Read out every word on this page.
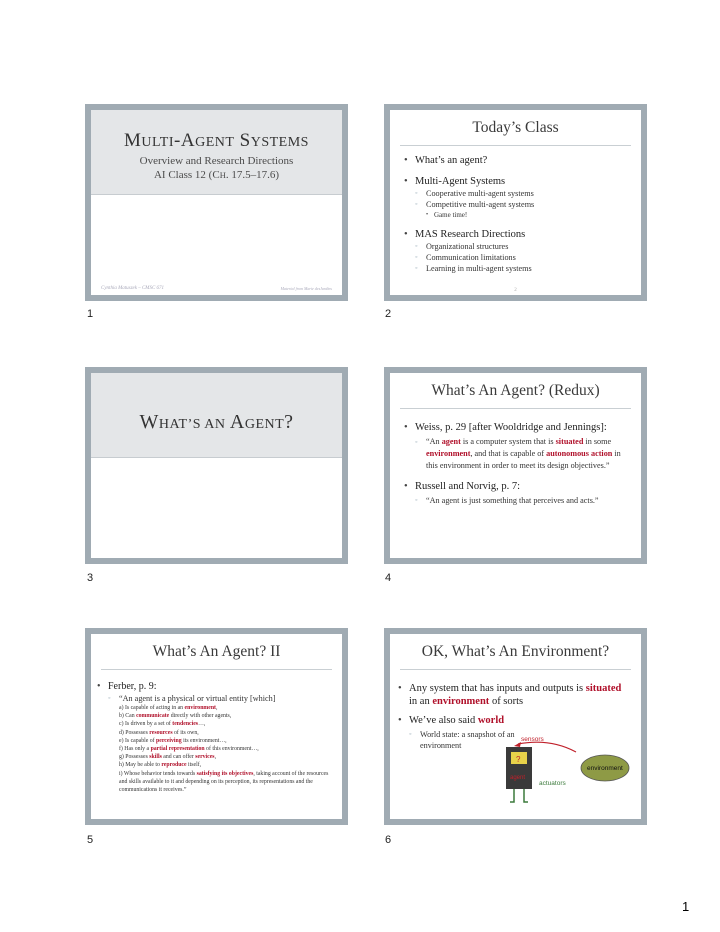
MULTI-AGENT SYSTEMS
Overview and Research Directions
AI Class 12 (CH. 17.5–17.6)
Cynthia Matuszek – CMSC 671	Material from Marie desJardins
1
Today’s Class
• What’s an agent?
• Multi-Agent Systems
◦ Cooperative multi-agent systems
◦ Competitive multi-agent systems
• Game time!
• MAS Research Directions
◦ Organizational structures
◦ Communication limitations
◦ Learning in multi-agent systems
2
2
WHAT’S AN AGENT?
3
What’s An Agent? (Redux)
• Weiss, p. 29 [after Wooldridge and Jennings]:
◦ “An agent is a computer system that is situated in some environment, and that is capable of autonomous action in this environment in order to meet its design objectives.”
• Russell and Norvig, p. 7:
◦ “An agent is just something that perceives and acts.”
4
What’s An Agent? II
• Ferber, p. 9:
◦ “An agent is a physical or virtual entity [which]
a) Is capable of acting in an environment,
b) Can communicate directly with other agents,
c) Is driven by a set of tendencies…,
d) Possesses resources of its own,
e) Is capable of perceiving its environment…,
f) Has only a partial representation of this environment…,
g) Possesses skills and can offer services,
h) May be able to reproduce itself,
i) Whose behavior tends towards satisfying its objectives, taking account of the resources and skills available to it and depending on its perception, its representations and the communications it receives.”
5
OK, What’s An Environment?
• Any system that has inputs and outputs is situated in an environment of sorts
• We’ve also said world
◦ World state: a snapshot of an environment
sensors
?
agent
environment
actuators
6
1
